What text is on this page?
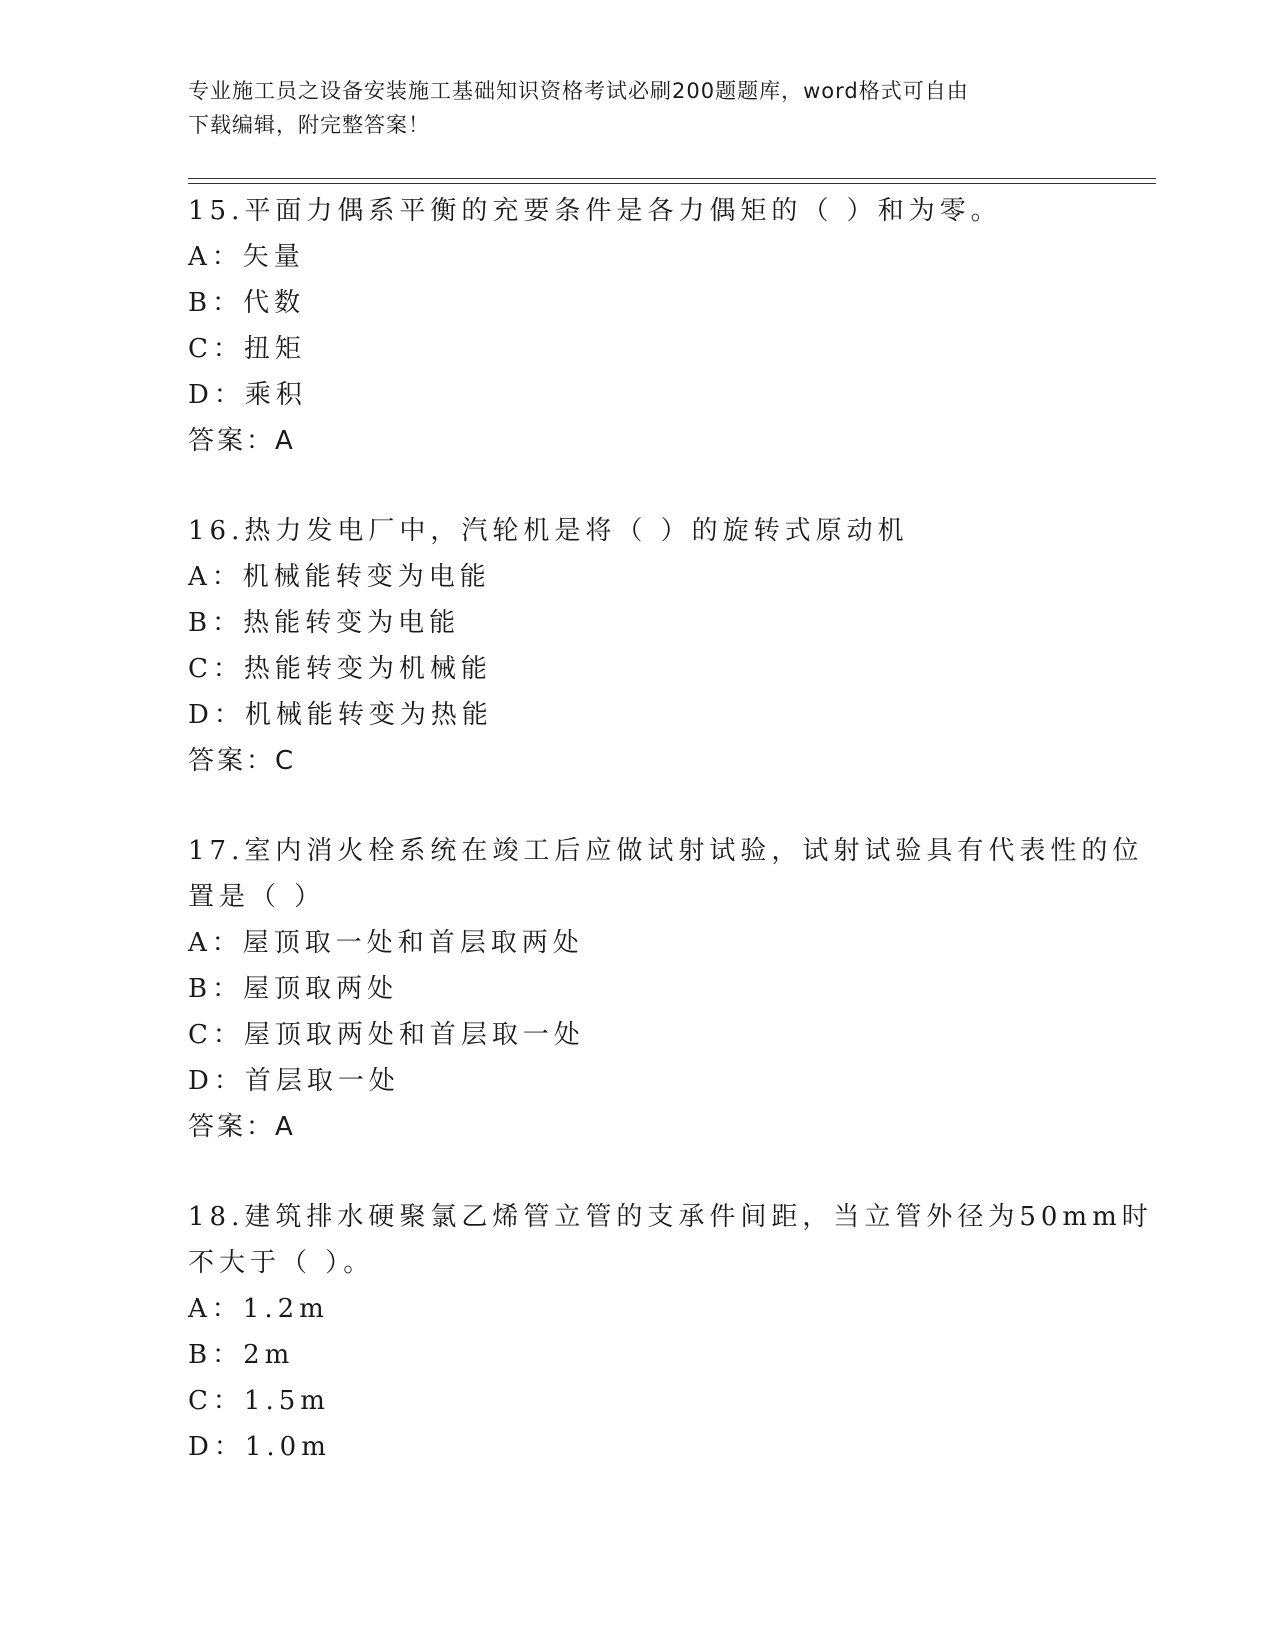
专业施工员之设备安装施工基础知识资格考试必刷200题题库，word格式可自由
下载编辑，附完整答案！
15.平面力偶系平衡的充要条件是各力偶矩的（ ）和为零。
A：矢量
B：代数
C：扭矩
D：乘积
答案：A
16.热力发电厂中，汽轮机是将（ ）的旋转式原动机
A：机械能转变为电能
B：热能转变为电能
C：热能转变为机械能
D：机械能转变为热能
答案：C
17.室内消火栓系统在竣工后应做试射试验，试射试验具有代表性的位
置是（ ）
A：屋顶取一处和首层取两处
B：屋顶取两处
C：屋顶取两处和首层取一处
D：首层取一处
答案：A
18.建筑排水硬聚氯乙烯管立管的支承件间距，当立管外径为50mm时
不大于（ ）。
A：1.2m
B：2m
C：1.5m
D：1.0m
